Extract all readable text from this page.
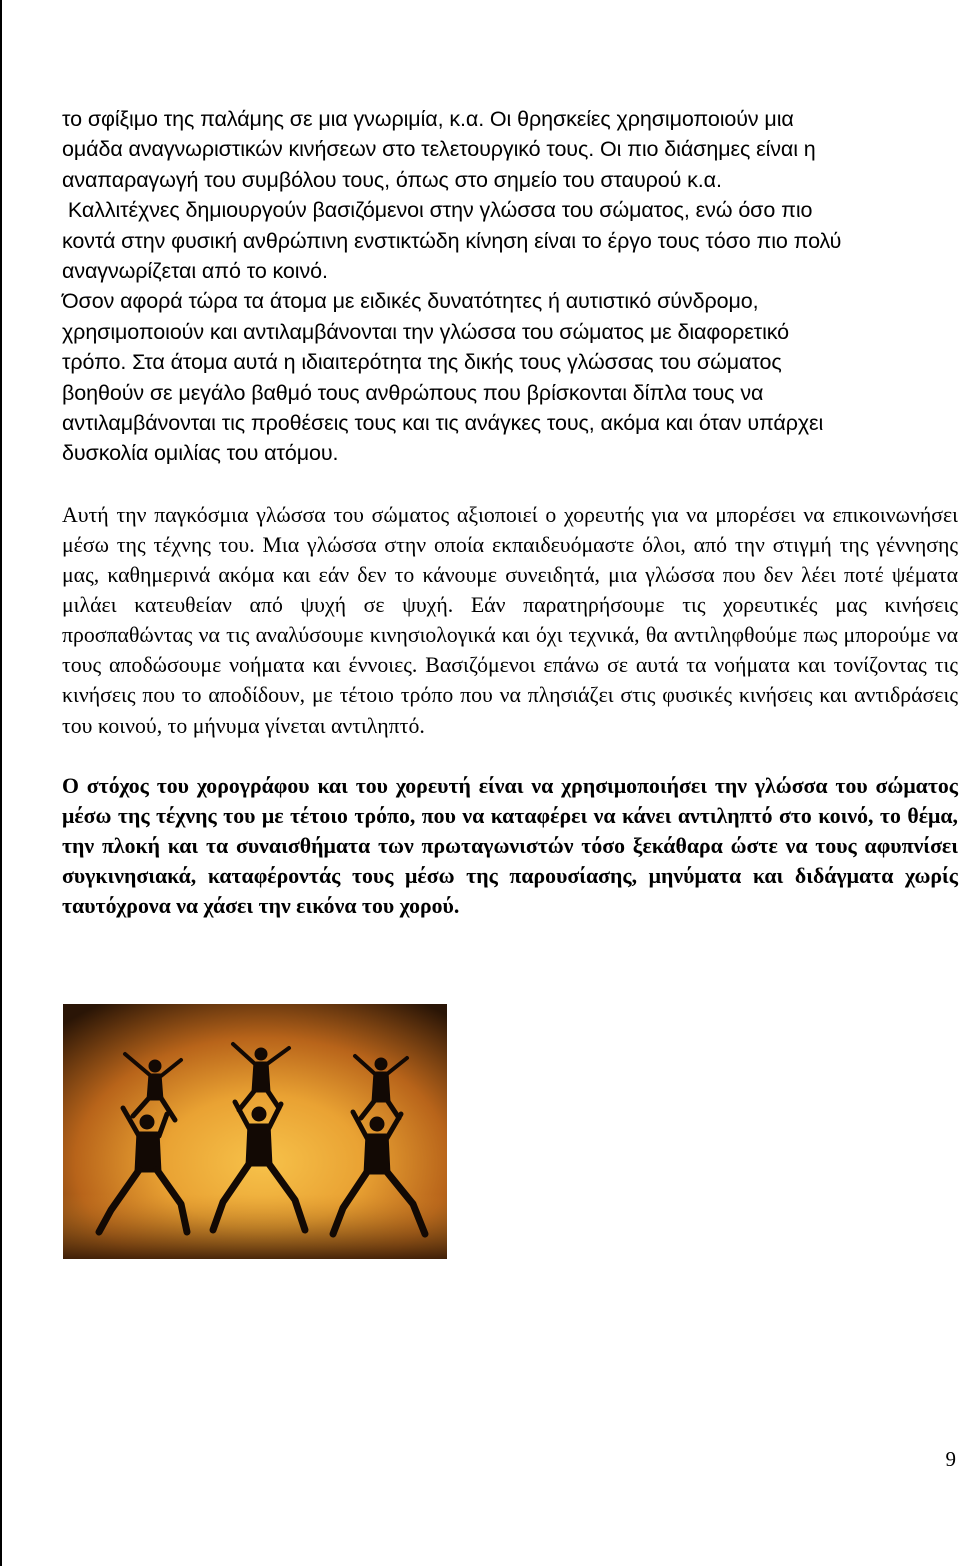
το σφίξιμο της παλάμης σε μια γνωριμία, κ.α. Οι θρησκείες χρησιμοποιούν μια
ομάδα αναγνωριστικών κινήσεων στο τελετουργικό τους. Οι πιο διάσημες είναι η
αναπαραγωγή του συμβόλου τους, όπως στο σημείο του σταυρού κ.α.

Καλλιτέχνες δημιουργούν βασιζόμενοι στην γλώσσα του σώματος, ενώ όσο πιο
κοντά στην φυσική ανθρώπινη ενστικτώδη κίνηση είναι το έργο τους τόσο πιο πολύ
αναγνωρίζεται από το κοινό.

Όσον αφορά τώρα τα άτομα με ειδικές δυνατότητες ή αυτιστικό σύνδρομο,
χρησιμοποιούν και αντιλαμβάνονται την γλώσσα του σώματος με διαφορετικό
τρόπο. Στα άτομα αυτά η ιδιαιτερότητα της δικής τους γλώσσας του σώματος
βοηθούν σε μεγάλο βαθμό τους ανθρώπους που βρίσκονται δίπλα τους να
αντιλαμβάνονται τις προθέσεις τους και τις ανάγκες τους, ακόμα και όταν υπάρχει
δυσκολία ομιλίας του ατόμου.

Αυτή την παγκόσμια γλώσσα του σώματος αξιοποιεί ο χορευτής για να μπορέσει να επικοινωνήσει μέσω της τέχνης του. Μια γλώσσα στην οποία εκπαιδευόμαστε όλοι, από την στιγμή της γέννησης μας, καθημερινά ακόμα και εάν δεν το κάνουμε συνειδητά, μια γλώσσα που δεν λέει ποτέ ψέματα μιλάει κατευθείαν από ψυχή σε ψυχή. Εάν παρατηρήσουμε τις χορευτικές μας κινήσεις προσπαθώντας να τις αναλύσουμε κινησιολογικά και όχι τεχνικά, θα αντιληφθούμε πως μπορούμε να τους αποδώσουμε νοήματα και έννοιες. Βασιζόμενοι επάνω σε αυτά τα νοήματα και τονίζοντας τις κινήσεις που το αποδίδουν, με τέτοιο τρόπο που να πλησιάζει στις φυσικές κινήσεις και αντιδράσεις του κοινού, το μήνυμα γίνεται αντιληπτό.

Ο στόχος του χορογράφου και του χορευτή είναι να χρησιμοποιήσει την γλώσσα του σώματος μέσω της τέχνης του με τέτοιο τρόπο, που να καταφέρει να κάνει αντιληπτό στο κοινό, το θέμα, την πλοκή και τα συναισθήματα των πρωταγωνιστών τόσο ξεκάθαρα ώστε να τους αφυπνίσει συγκινησιακά, καταφέροντάς τους μέσω της παρουσίασης, μηνύματα και διδάγματα χωρίς ταυτόχρονα να χάσει την εικόνα του χορού.

9
